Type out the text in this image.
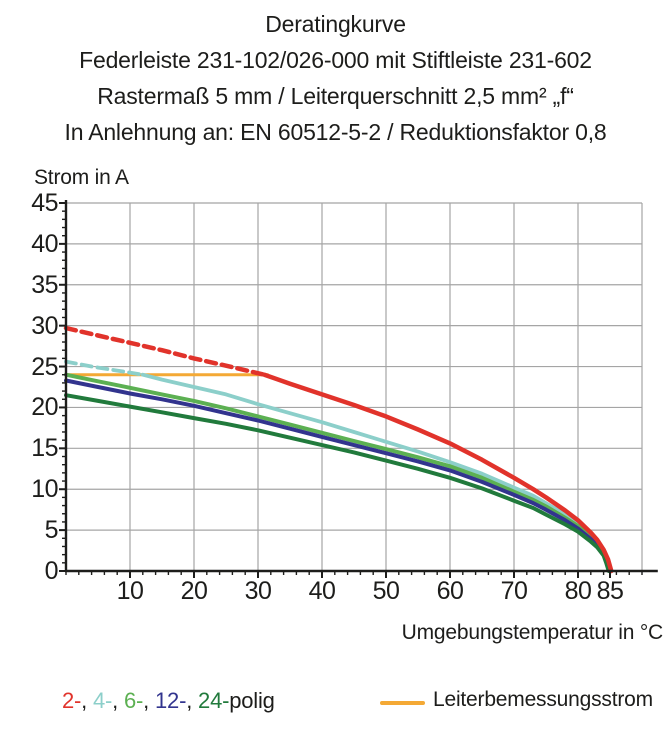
Deratingkurve
Federleiste 231-102/026-000 mit Stiftleiste 231-602
Rastermaß 5 mm / Leiterquerschnitt 2,5 mm² „f“
In Anlehnung an: EN 60512-5-2 / Reduktionsfaktor 0,8
Strom in A
0
5
10
15
20
25
30
35
40
45
10 20 30 40 50 60 70 80 85
Umgebungstemperatur in °C
2-, 4-, 6-, 12-, 24-polig	Leiterbemessungsstrom
